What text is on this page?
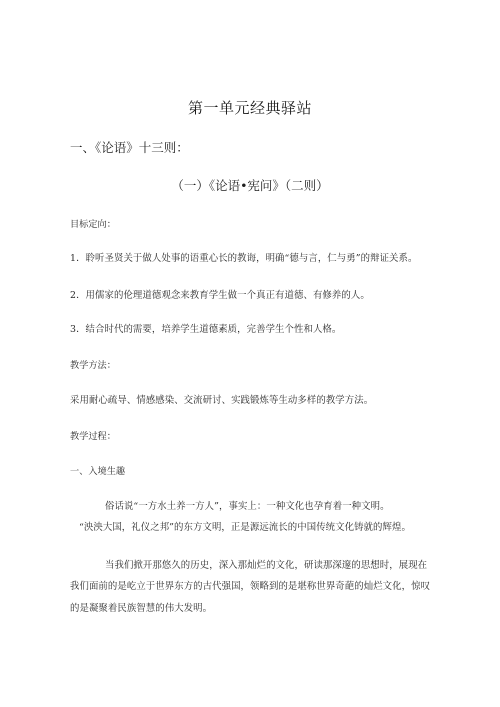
第一单元经典驿站
一、《论语》十三则：
（一）《论语•宪问》（二则）
目标定向：
1．聆听圣贤关于做人处事的语重心长的教诲，明确“德与言，仁与勇”的辩证关系。
2．用儒家的伦理道德观念来教育学生做一个真正有道德、有修养的人。
3．结合时代的需要，培养学生道德素质，完善学生个性和人格。
教学方法：
采用耐心疏导、情感感染、交流研讨、实践锻炼等生动多样的教学方法。
教学过程：
一、入境生趣
俗话说“一方水土养一方人”，事实上：一种文化也孕育着一种文明。
“泱泱大国，礼仪之邦”的东方文明，正是源远流长的中国传统文化铸就的辉煌。
当我们掀开那悠久的历史，深入那灿烂的文化，研读那深邃的思想时，展现在
我们面前的是屹立于世界东方的古代强国，领略到的是堪称世界奇葩的灿烂文化，惊叹
的是凝聚着民族智慧的伟大发明。
